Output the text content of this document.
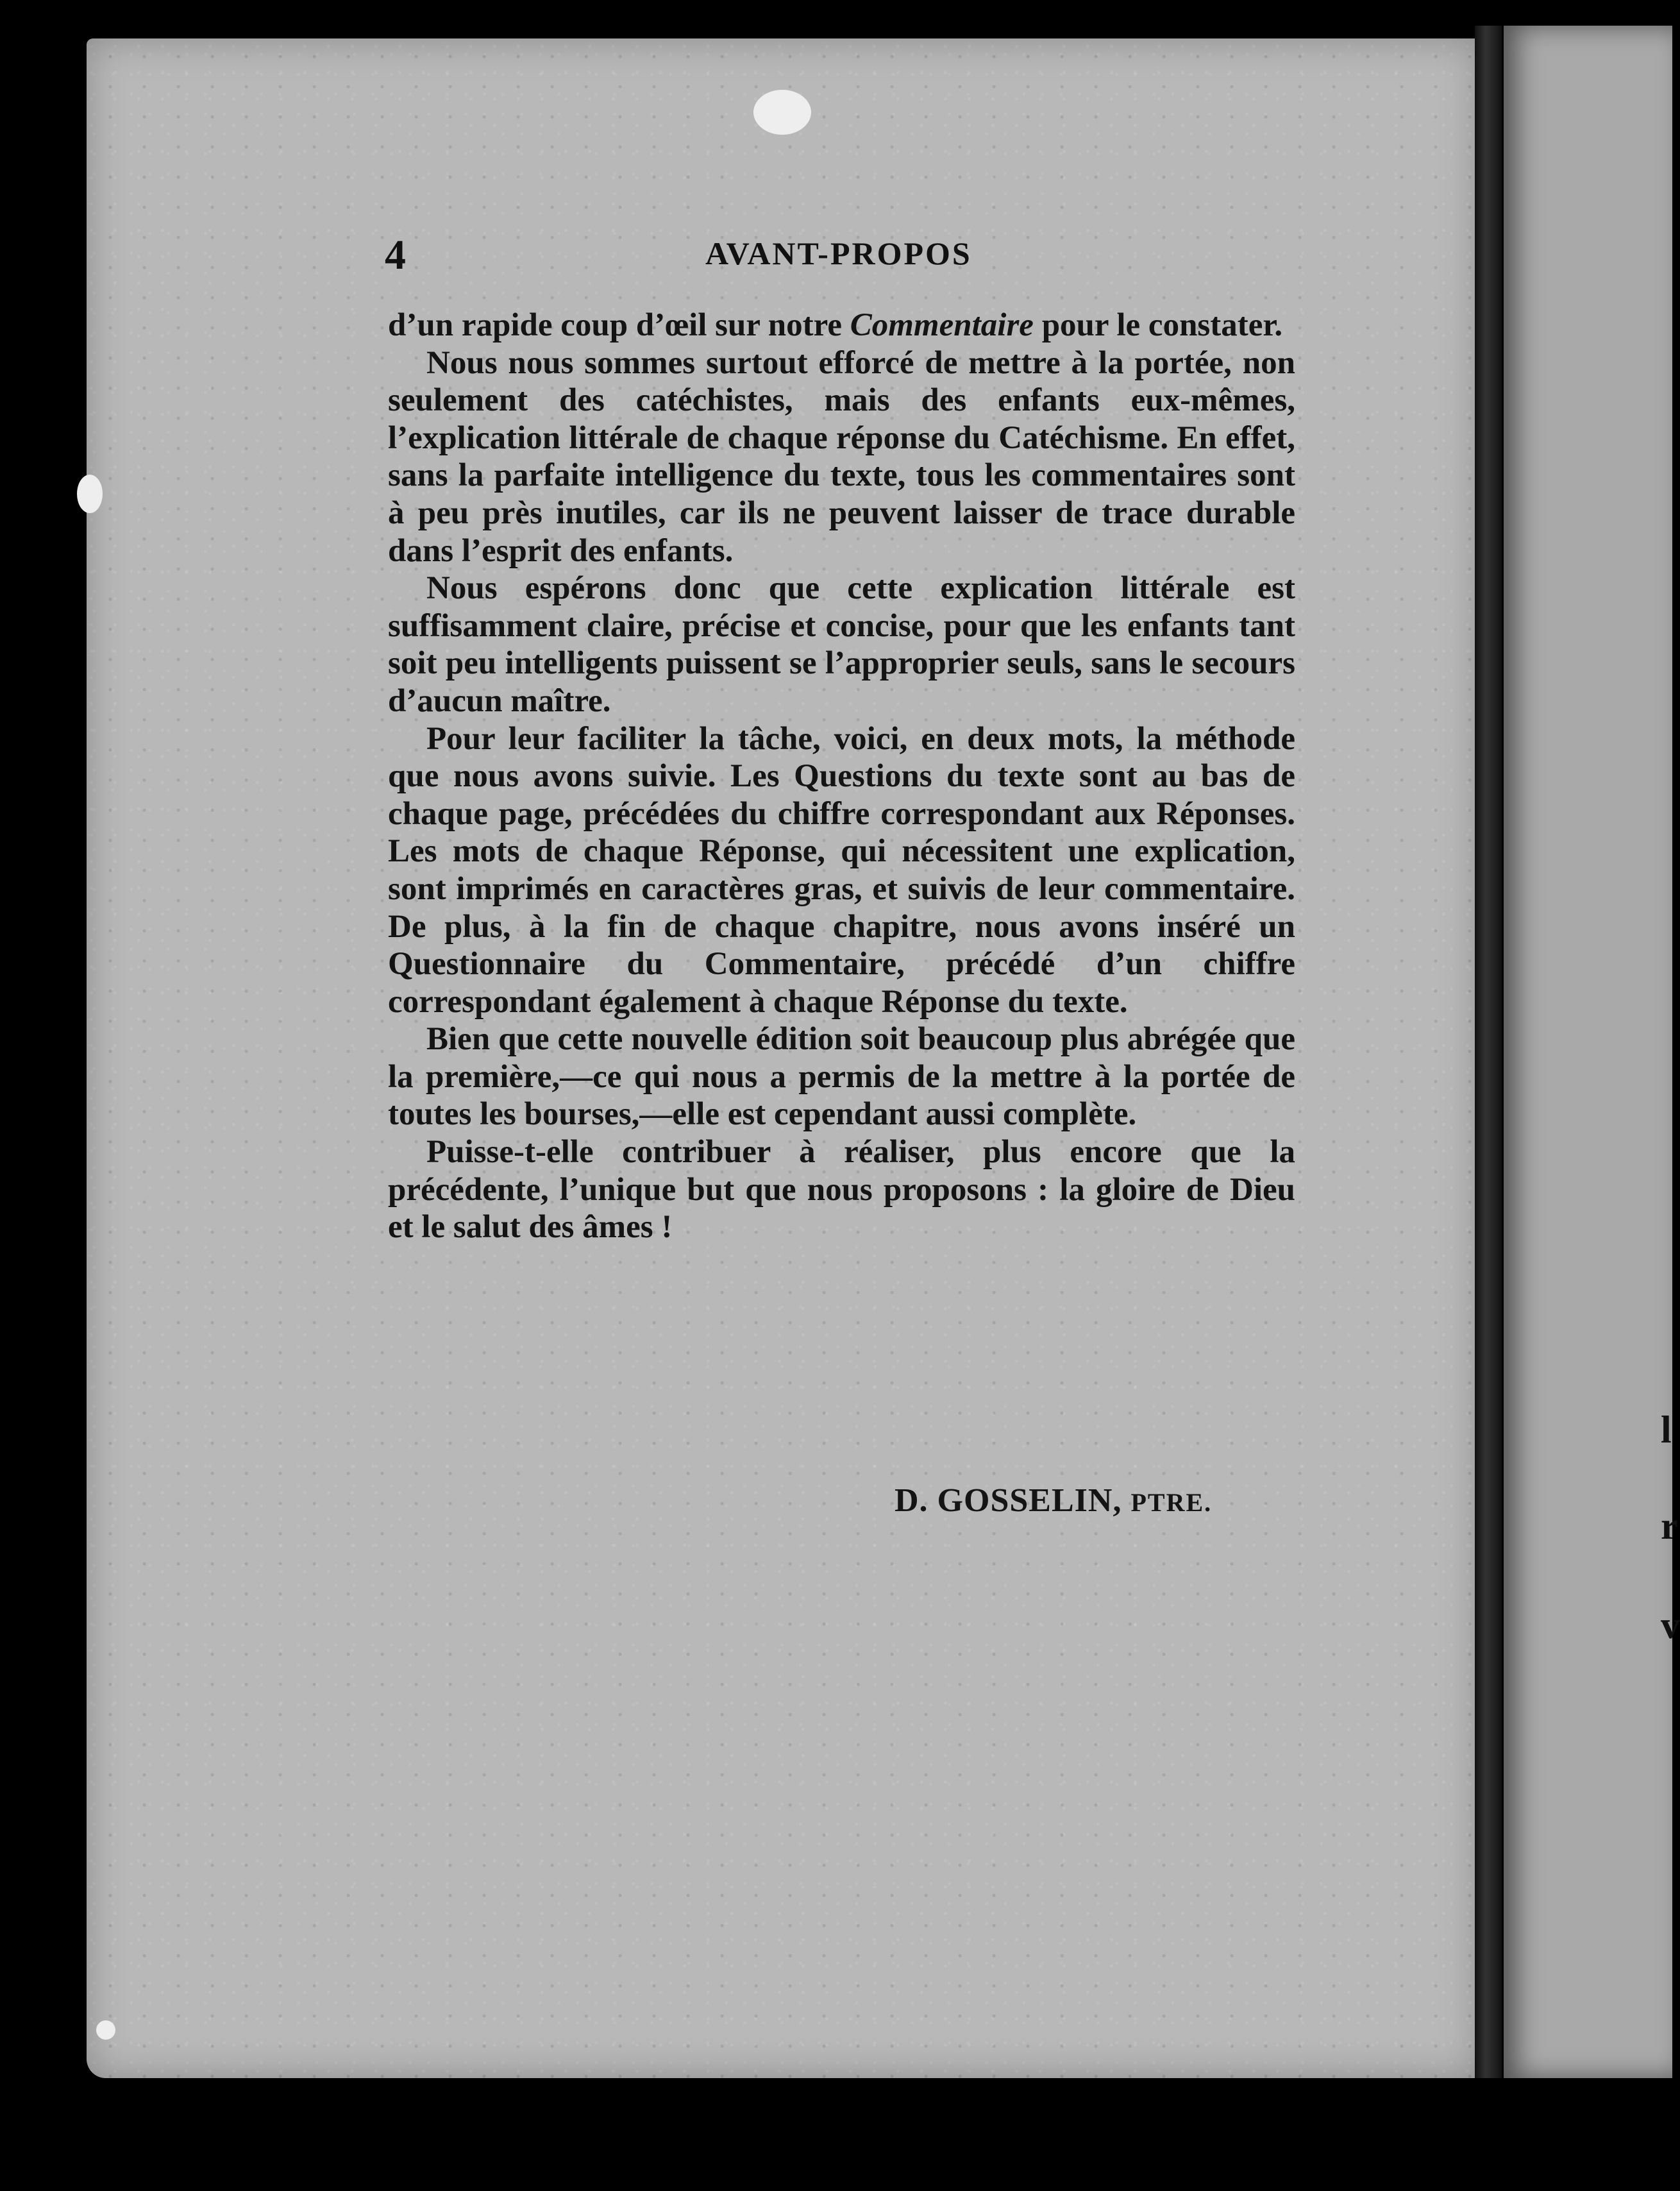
l
r
v
4	AVANT-PROPOS

d’un rapide coup d’œil sur notre Commentaire pour le constater.

Nous nous sommes surtout efforcé de mettre à la portée, non seulement des catéchistes, mais des enfants eux-mêmes, l’explication littérale de chaque réponse du Catéchisme. En effet, sans la parfaite intelligence du texte, tous les commentaires sont à peu près inutiles, car ils ne peuvent laisser de trace durable dans l’esprit des enfants.

Nous espérons donc que cette explication littérale est suffisamment claire, précise et concise, pour que les enfants tant soit peu intelligents puissent se l’approprier seuls, sans le secours d’aucun maître.

Pour leur faciliter la tâche, voici, en deux mots, la méthode que nous avons suivie. Les Questions du texte sont au bas de chaque page, précédées du chiffre correspondant aux Réponses. Les mots de chaque Réponse, qui nécessitent une explication, sont imprimés en caractères gras, et suivis de leur commentaire. De plus, à la fin de chaque chapitre, nous avons inséré un Questionnaire du Commentaire, précédé d’un chiffre correspondant également à chaque Réponse du texte.

Bien que cette nouvelle édition soit beaucoup plus abrégée que la première,—ce qui nous a permis de la mettre à la portée de toutes les bourses,—elle est cependant aussi complète.

Puisse-t-elle contribuer à réaliser, plus encore que la précédente, l’unique but que nous proposons : la gloire de Dieu et le salut des âmes !

D. GOSSELIN, PTRE.
